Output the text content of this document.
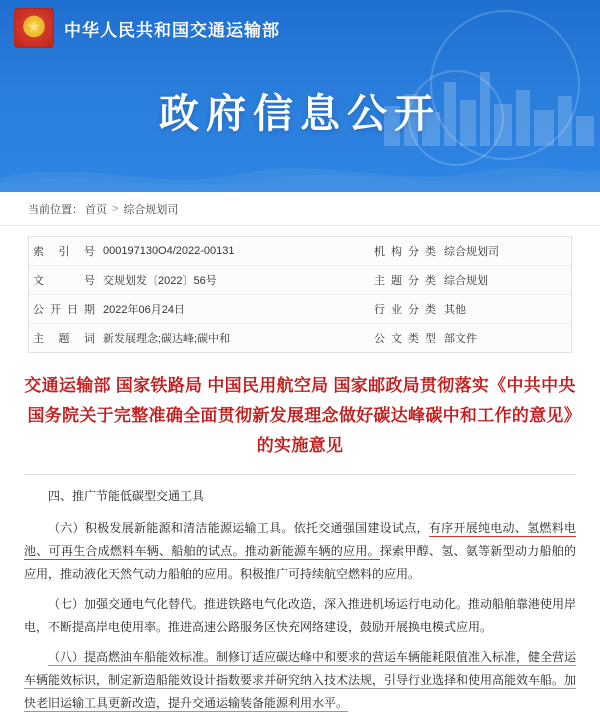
★
中华人民共和国交通运输部
政府信息公开
当前位置： 首页 > 综合规划司
索引号	000197130O4/2022-00131	机构分类	综合规划司
文号	交规划发〔2022〕56号	主题分类	综合规划
公开日期	2022年06月24日	行业分类	其他
主题词	新发展理念;碳达峰;碳中和	公文类型	部文件
交通运输部 国家铁路局 中国民用航空局 国家邮政局贯彻落实《中共中央 国务院关于完整准确全面贯彻新发展理念做好碳达峰碳中和工作的意见》的实施意见

四、推广节能低碳型交通工具

（六）积极发展新能源和清洁能源运输工具。依托交通强国建设试点，有序开展纯电动、氢燃料电池、可再生合成燃料车辆、船舶的试点。推动新能源车辆的应用。探索甲醇、氢、氨等新型动力船舶的应用，推动液化天然气动力船舶的应用。积极推广可持续航空燃料的应用。

（七）加强交通电气化替代。推进铁路电气化改造，深入推进机场运行电动化。推动船舶靠港使用岸电，不断提高岸电使用率。推进高速公路服务区快充网络建设，鼓励开展换电模式应用。

（八）提高燃油车船能效标准。制修订适应碳达峰中和要求的营运车辆能耗限值准入标准，健全营运车辆能效标识，制定新造船能效设计指数要求并研究纳入技术法规，引导行业选择和使用高能效车船。加快老旧运输工具更新改造，提升交通运输装备能源利用水平。
